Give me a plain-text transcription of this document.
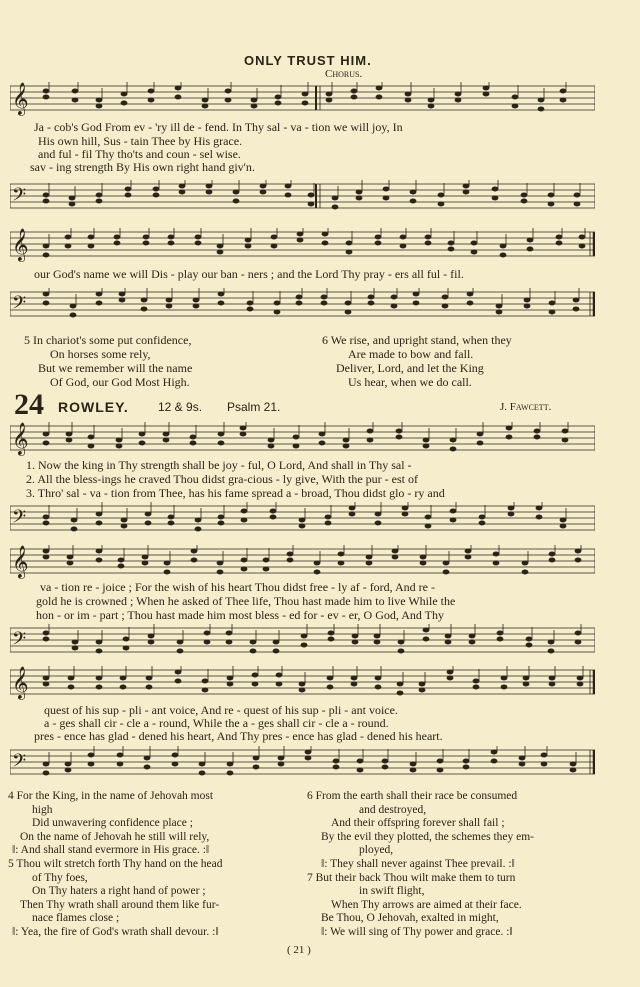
ONLY TRUST HIM.
Chorus.
𝄞
Ja - cob's God From ev - 'ry ill de - fend. In Thy sal - va - tion we will joy, In
His own hill, Sus - tain Thee by His grace.
and ful - fil Thy tho'ts and coun - sel wise.
sav - ing strength By His own right hand giv'n.
𝄢
𝄞
our God's name we will Dis - play our ban - ners ; and the Lord Thy pray - ers all ful - fil.
𝄢
5 In chariot's some put confidence,
On horses some rely,
But we remember will the name
Of God, our God Most High.
6 We rise, and upright stand, when they
Are made to bow and fall.
Deliver, Lord, and let the King
Us hear, when we do call.
24 ROWLEY. 12 & 9s. Psalm 21.	J. Fawcett.
𝄞
1. Now the king in Thy strength shall be joy - ful, O Lord, And shall in Thy sal -
2. All the bless-ings he craved Thou didst gra-cious - ly give, With the pur - est of
3. Thro' sal - va - tion from Thee, has his fame spread a - broad, Thou didst glo - ry and
𝄢
𝄞
va - tion re - joice ; For the wish of his heart Thou didst free - ly af - ford, And re -
gold he is crowned ; When he asked of Thee life, Thou hast made him to live While the
hon - or im - part ; Thou hast made him most bless - ed for - ev - er, O God, And Thy
𝄢
𝄞
quest of his sup - pli - ant voice, And re - quest of his sup - pli - ant voice.
a - ges shall cir - cle a - round, While the a - ges shall cir - cle a - round.
pres - ence has glad - dened his heart, And Thy pres - ence has glad - dened his heart.
𝄢
4 For the King, in the name of Jehovah most
high
Did unwavering confidence place ;
On the name of Jehovah he still will rely,
‖: And shall stand evermore in His grace. :‖
5 Thou wilt stretch forth Thy hand on the head
of Thy foes,
On Thy haters a right hand of power ;
Then Thy wrath shall around them like fur-
nace flames close ;
‖: Yea, the fire of God's wrath shall devour. :‖
6 From the earth shall their race be consumed
and destroyed,
And their offspring forever shall fail ;
By the evil they plotted, the schemes they em-
ployed,
‖: They shall never against Thee prevail. :‖
7 But their back Thou wilt make them to turn
in swift flight,
When Thy arrows are aimed at their face.
Be Thou, O Jehovah, exalted in might,
‖: We will sing of Thy power and grace. :‖
( 21 )
